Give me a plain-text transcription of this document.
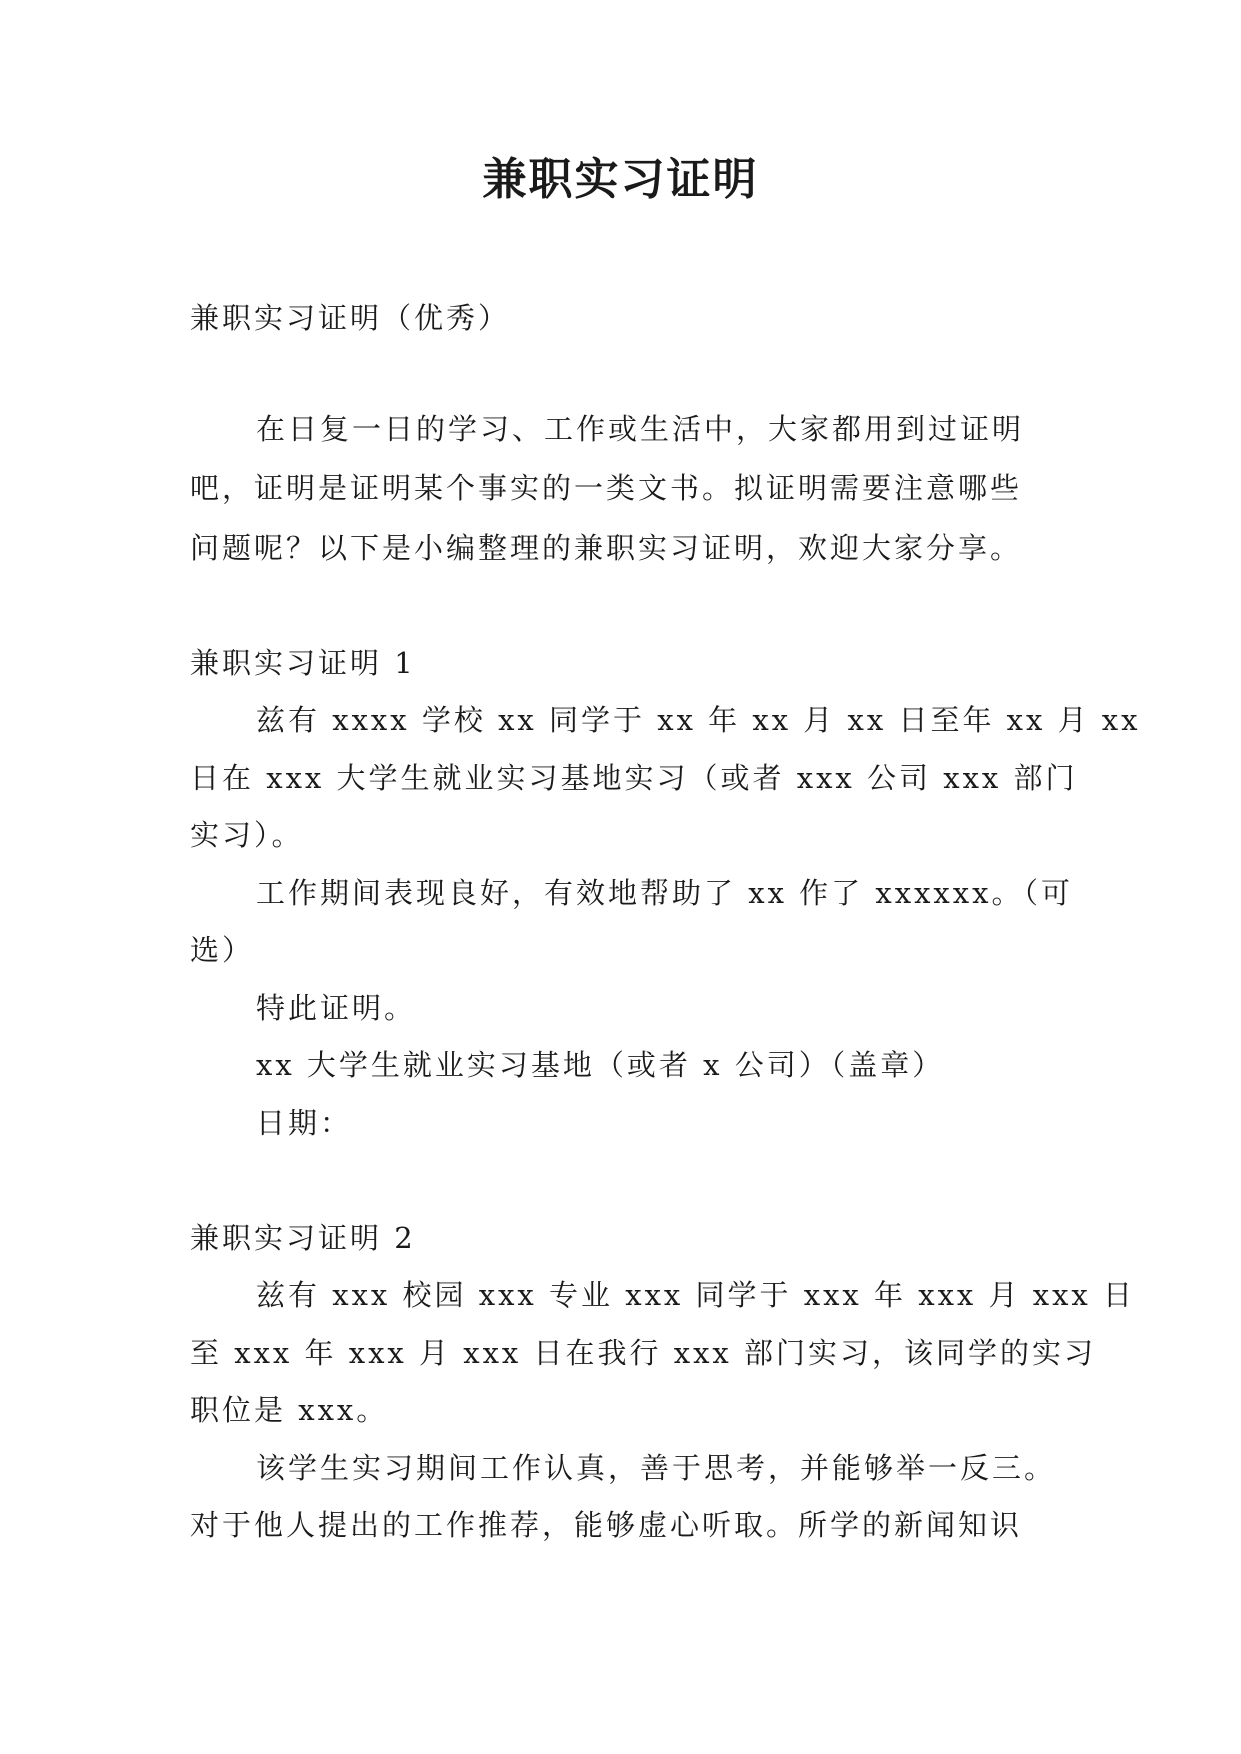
兼职实习证明
兼职实习证明（优秀）
在日复一日的学习、工作或生活中，大家都用到过证明
吧，证明是证明某个事实的一类文书。拟证明需要注意哪些
问题呢？以下是小编整理的兼职实习证明，欢迎大家分享。
兼职实习证明 1
兹有 xxxx 学校 xx 同学于 xx 年 xx 月 xx 日至年 xx 月 xx
日在 xxx 大学生就业实习基地实习（或者 xxx 公司 xxx 部门
实习）。
工作期间表现良好，有效地帮助了 xx 作了 xxxxxx。（可
选）
特此证明。
xx 大学生就业实习基地（或者 x 公司）（盖章）
日期：
兼职实习证明 2
兹有 xxx 校园 xxx 专业 xxx 同学于 xxx 年 xxx 月 xxx 日
至 xxx 年 xxx 月 xxx 日在我行 xxx 部门实习，该同学的实习
职位是 xxx。
该学生实习期间工作认真，善于思考，并能够举一反三。
对于他人提出的工作推荐，能够虚心听取。所学的新闻知识
